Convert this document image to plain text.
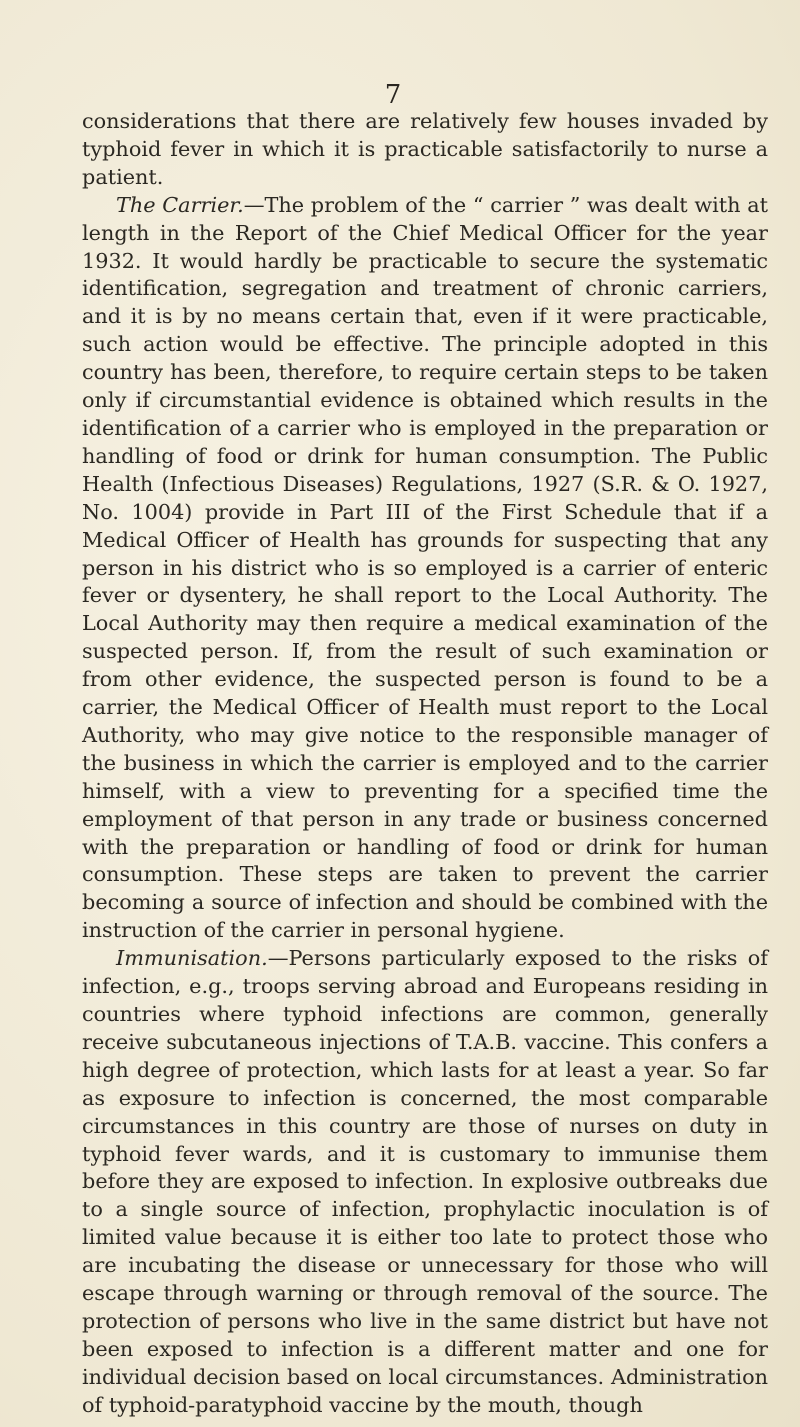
7

considerations that there are relatively few houses invaded by typhoid fever in which it is practicable satisfactorily to nurse a patient.

The Carrier.—The problem of the “ carrier ” was dealt with at length in the Report of the Chief Medical Officer for the year 1932. It would hardly be practicable to secure the systematic identification, segregation and treatment of chronic carriers, and it is by no means certain that, even if it were practicable, such action would be effective. The principle adopted in this country has been, therefore, to require certain steps to be taken only if circumstantial evidence is obtained which results in the identification of a carrier who is employed in the preparation or handling of food or drink for human consumption. The Public Health (Infectious Diseases) Regulations, 1927 (S.R. & O. 1927, No. 1004) provide in Part III of the First Schedule that if a Medical Officer of Health has grounds for suspecting that any person in his district who is so employed is a carrier of enteric fever or dysentery, he shall report to the Local Authority. The Local Authority may then require a medical examination of the suspected person. If, from the result of such examination or from other evidence, the suspected person is found to be a carrier, the Medical Officer of Health must report to the Local Authority, who may give notice to the responsible manager of the business in which the carrier is employed and to the carrier himself, with a view to preventing for a specified time the employment of that person in any trade or business concerned with the preparation or handling of food or drink for human consumption. These steps are taken to prevent the carrier becoming a source of infection and should be combined with the instruction of the carrier in personal hygiene.

Immunisation.—Persons particularly exposed to the risks of infection, e.g., troops serving abroad and Europeans residing in countries where typhoid infections are common, generally receive subcutaneous injections of T.A.B. vaccine. This confers a high degree of protection, which lasts for at least a year. So far as exposure to infection is concerned, the most comparable circumstances in this country are those of nurses on duty in typhoid fever wards, and it is customary to immunise them before they are exposed to infection. In explosive outbreaks due to a single source of infection, prophylactic inoculation is of limited value because it is either too late to protect those who are incubating the disease or unnecessary for those who will escape through warning or through removal of the source. The protection of persons who live in the same district but have not been exposed to infection is a different matter and one for individual decision based on local circumstances. Administration of typhoid-paratyphoid vaccine by the mouth, though
